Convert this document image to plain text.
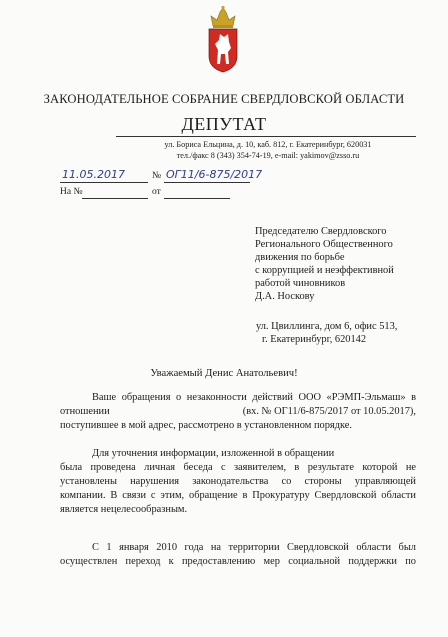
ЗАКОНОДАТЕЛЬНОЕ СОБРАНИЕ СВЕРДЛОВСКОЙ ОБЛАСТИ
ДЕПУТАТ
ул. Бориса Ельцина, д. 10, каб. 812, г. Екатеринбург, 620031
тел./факс 8 (343) 354-74-19, e-mail: yakimov@zsso.ru
11.05.2017	№ ОГ11/6-875/2017
На №	от
Председателю Свердловского
Регионального Общественного
движения по борьбе
с коррупцией и неэффективной
работой чиновников
Д.А. Носкову
ул. Цвиллинга, дом 6, офис 513,
г. Екатеринбург, 620142
Уважаемый Денис Анатольевич!

Ваше обращения о незаконности действий ООО «РЭМП-Эльмаш» в

отношении	(вх. № ОГ11/6-875/2017 от 10.05.2017),

поступившее в мой адрес, рассмотрено в установленном порядке.

Для уточнения информации, изложенной в обращении

была проведена личная беседа с заявителем, в результате которой не

установлены нарушения законодательства со стороны управляющей

компании. В связи с этим, обращение в Прокуратуру Свердловской области

является нецелесообразным.

С 1 января 2010 года на территории Свердловской области был

осуществлен переход к предоставлению мер социальной поддержки по
